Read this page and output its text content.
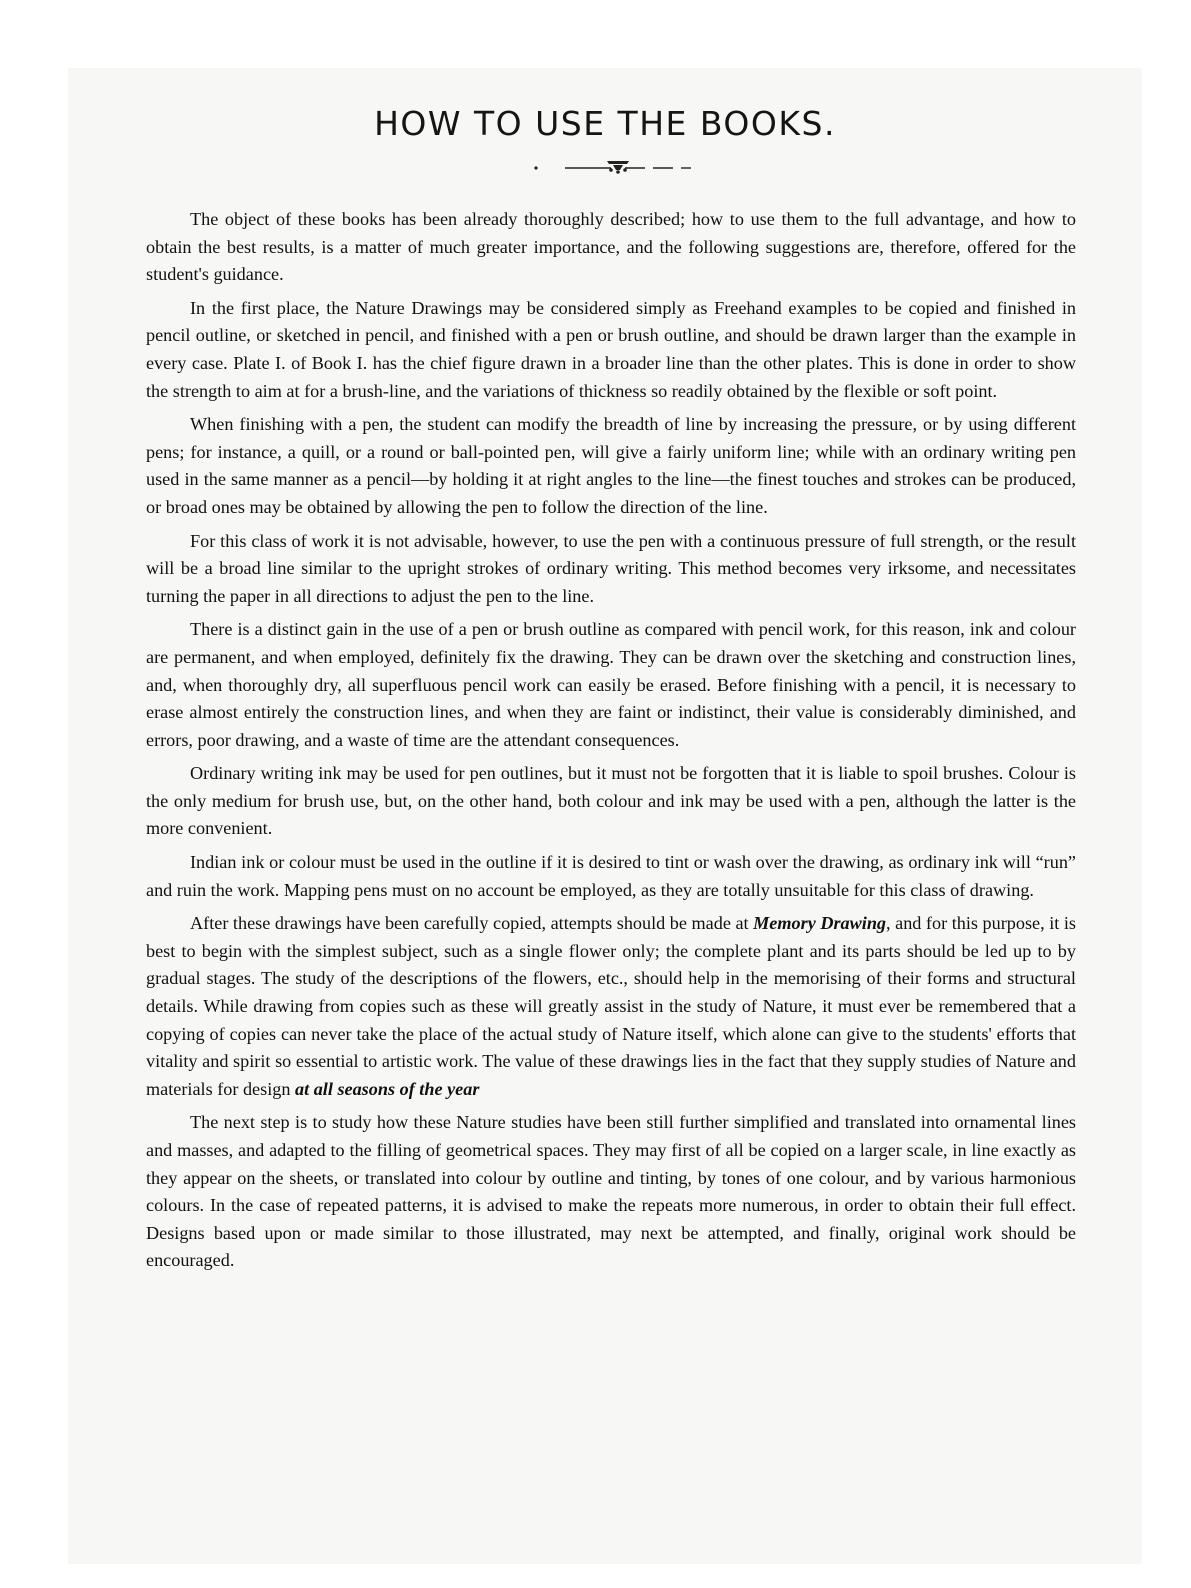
HOW TO USE THE BOOKS.

The object of these books has been already thoroughly described; how to use them to the full advantage, and how to obtain the best results, is a matter of much greater importance, and the following suggestions are, therefore, offered for the student's guidance.

In the first place, the Nature Drawings may be considered simply as Freehand examples to be copied and finished in pencil outline, or sketched in pencil, and finished with a pen or brush outline, and should be drawn larger than the example in every case. Plate I. of Book I. has the chief figure drawn in a broader line than the other plates. This is done in order to show the strength to aim at for a brush-line, and the variations of thickness so readily obtained by the flexible or soft point.

When finishing with a pen, the student can modify the breadth of line by increasing the pressure, or by using different pens; for instance, a quill, or a round or ball-pointed pen, will give a fairly uniform line; while with an ordinary writing pen used in the same manner as a pencil—by holding it at right angles to the line—the finest touches and strokes can be produced, or broad ones may be obtained by allowing the pen to follow the direction of the line.

For this class of work it is not advisable, however, to use the pen with a continuous pressure of full strength, or the result will be a broad line similar to the upright strokes of ordinary writing. This method becomes very irksome, and necessitates turning the paper in all directions to adjust the pen to the line.

There is a distinct gain in the use of a pen or brush outline as compared with pencil work, for this reason, ink and colour are permanent, and when employed, definitely fix the drawing. They can be drawn over the sketching and construction lines, and, when thoroughly dry, all superfluous pencil work can easily be erased. Before finishing with a pencil, it is necessary to erase almost entirely the construction lines, and when they are faint or indistinct, their value is considerably diminished, and errors, poor drawing, and a waste of time are the attendant consequences.

Ordinary writing ink may be used for pen outlines, but it must not be forgotten that it is liable to spoil brushes. Colour is the only medium for brush use, but, on the other hand, both colour and ink may be used with a pen, although the latter is the more convenient.

Indian ink or colour must be used in the outline if it is desired to tint or wash over the drawing, as ordinary ink will “run” and ruin the work. Mapping pens must on no account be employed, as they are totally unsuitable for this class of drawing.

After these drawings have been carefully copied, attempts should be made at Memory Drawing, and for this purpose, it is best to begin with the simplest subject, such as a single flower only; the complete plant and its parts should be led up to by gradual stages. The study of the descriptions of the flowers, etc., should help in the memorising of their forms and structural details. While drawing from copies such as these will greatly assist in the study of Nature, it must ever be remembered that a copying of copies can never take the place of the actual study of Nature itself, which alone can give to the students' efforts that vitality and spirit so essential to artistic work. The value of these drawings lies in the fact that they supply studies of Nature and materials for design at all seasons of the year

The next step is to study how these Nature studies have been still further simplified and translated into ornamental lines and masses, and adapted to the filling of geometrical spaces. They may first of all be copied on a larger scale, in line exactly as they appear on the sheets, or translated into colour by outline and tinting, by tones of one colour, and by various harmonious colours. In the case of repeated patterns, it is advised to make the repeats more numerous, in order to obtain their full effect. Designs based upon or made similar to those illustrated, may next be attempted, and finally, original work should be encouraged.
